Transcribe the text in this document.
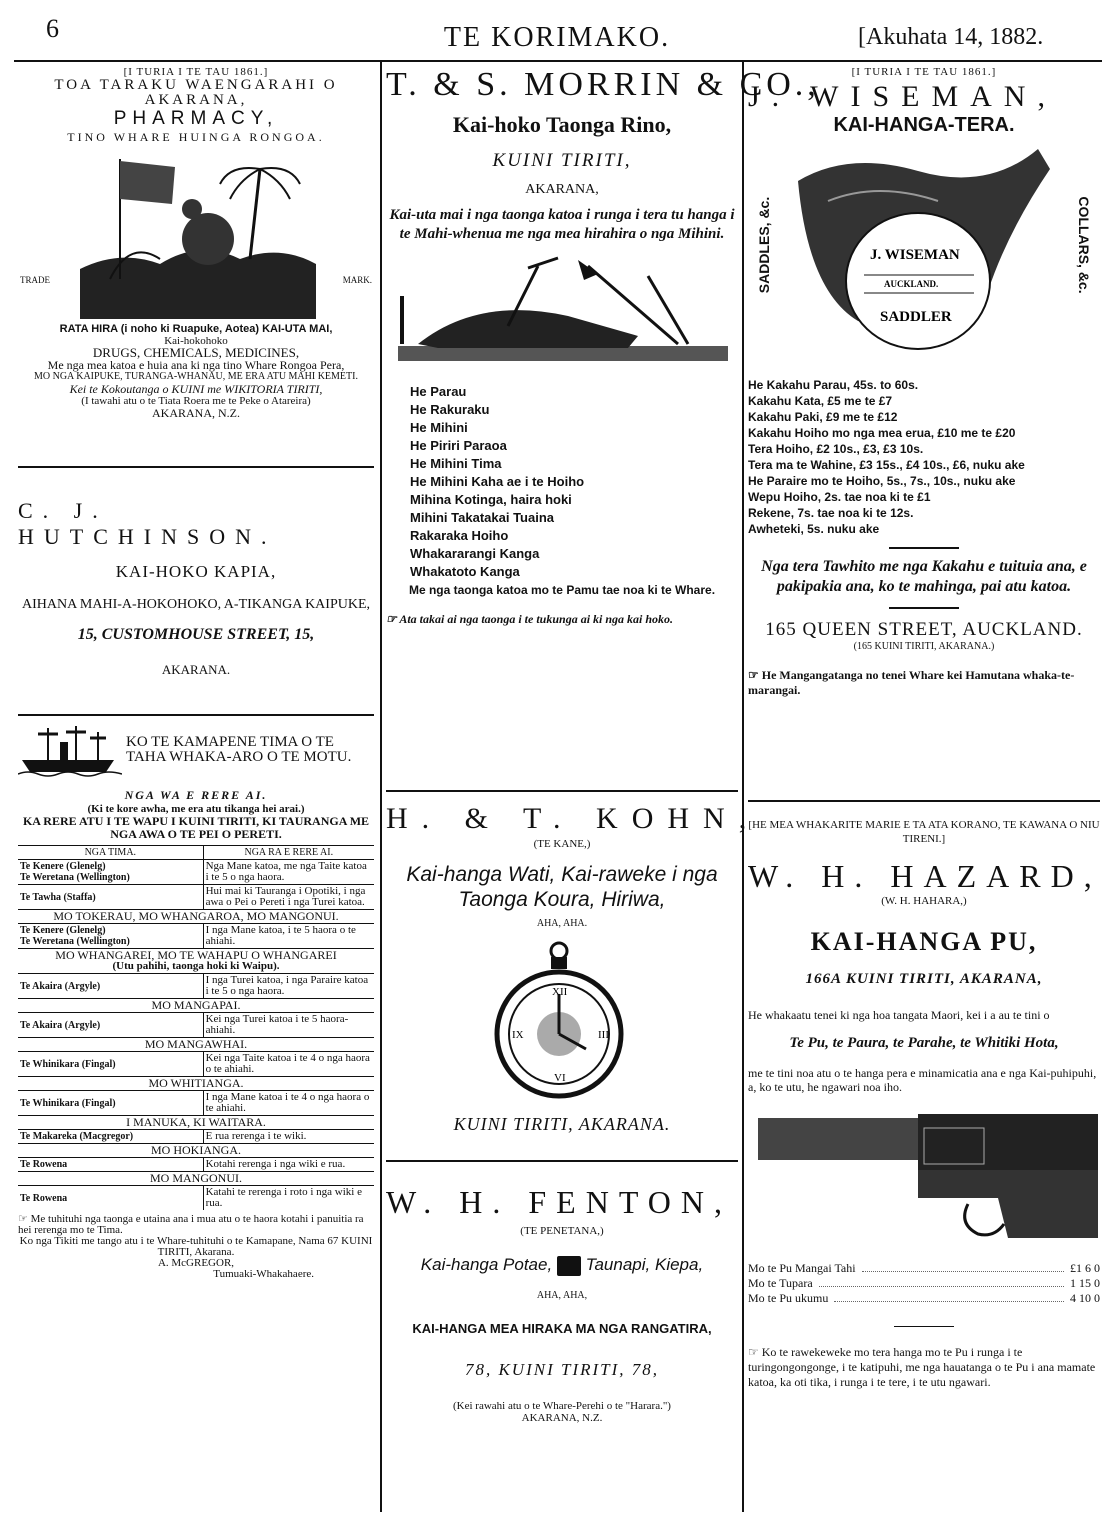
6	TE KORIMAKO.	[Akuhata 14, 1882.
[I TURIA I TE TAU 1861.]
TOA TARAKU WAENGARAHI O AKARANA,
PHARMACY,
TINO WHARE HUINGA RONGOA.
TRADE	MARK.
RATA HIRA (i noho ki Ruapuke, Aotea) KAI-UTA MAI,
Kai-hokohoko
DRUGS, CHEMICALS, MEDICINES,
Me nga mea katoa e huia ana ki nga tino Whare Rongoa Pera,
MO NGA KAIPUKE, TURANGA-WHANAU, ME ERA ATU MAHI KEMETI.
Kei te Kokoutanga o KUINI me WIKITORIA TIRITI,
(I tawahi atu o te Tiata Roera me te Peke o Atareira)
AKARANA, N.Z.
C. J. HUTCHINSON.
KAI-HOKO KAPIA,
AIHANA MAHI-A-HOKOHOKO, A-TIKANGA KAIPUKE,
15, CUSTOMHOUSE STREET, 15,
AKARANA.
KO TE KAMAPENE TIMA O TE TAHA WHAKA-ARO O TE MOTU.
NGA WA E RERE AI.
(Ki te kore awha, me era atu tikanga hei arai.)
KA RERE ATU I TE WAPU I KUINI TIRITI, KI TAURANGA ME NGA AWA O TE PEI O PERETI.
NGA TIMA.	NGA RA E RERE AI.
Te Kenere (Glenelg)
Te Weretana (Wellington)	Nga Mane katoa, me nga Taite katoa i te 5 o nga haora.
Te Tawha (Staffa)	Hui mai ki Tauranga i Opotiki, i nga awa o Pei o Pereti i nga Turei katoa.

MO TOKERAU, MO WHANGAROA, MO MANGONUI.	

Te Kenere (Glenelg)
Te Weretana (Wellington)	I nga Mane katoa, i te 5 haora o te ahiahi.

MO WHANGAREI, MO TE WAHAPU O WHANGAREI
(Utu pahihi, taonga hoki ki Waipu).	

Te Akaira (Argyle)	I nga Turei katoa, i nga Paraire katoa i te 5 o nga haora.

MO MANGAPAI.	

Te Akaira (Argyle)	Kei nga Turei katoa i te 5 haora-ahiahi.

MO MANGAWHAI.	

Te Whinikara (Fingal)	Kei nga Taite katoa i te 4 o nga haora o te ahiahi.

MO WHITIANGA.	

Te Whinikara (Fingal)	I nga Mane katoa i te 4 o nga haora o te ahiahi.

I MANUKA, KI WAITARA.	

Te Makareka (Macgregor)	E rua rerenga i te wiki.

MO HOKIANGA.	

Te Rowena	Kotahi rerenga i nga wiki e rua.

MO MANGONUI.	

Te Rowena	Katahi te rerenga i roto i nga wiki e rua.
☞ Me tuhituhi nga taonga e utaina ana i mua atu o te haora kotahi i panuitia ra hei rerenga mo te Tima.
Ko nga Tikiti me tango atu i te Whare-tuhituhi o te Kamapane, Nama 67 KUINI TIRITI, Akarana.
A. McGREGOR,
Tumuaki-Whakahaere.
T. & S. MORRIN & CO.,
Kai-hoko Taonga Rino,
KUINI TIRITI,
AKARANA,
Kai-uta mai i nga taonga katoa i runga i tera tu hanga i te Mahi-whenua me nga mea hirahira o nga Mihini.
He Parau
He Rakuraku
He Mihini
He Piriri Paraoa
He Mihini Tima
He Mihini Kaha ae i te Hoiho
Mihina Kotinga, haira hoki
Mihini Takatakai Tuaina
Rakaraka Hoiho
Whakararangi Kanga
Whakatoto Kanga
Me nga taonga katoa mo te Pamu tae noa ki te Whare.
☞ Ata takai ai nga taonga i te tukunga ai ki nga kai hoko.
H. & T. KOHN,
(TE KANE,)
Kai-hanga Wati, Kai-raweke i nga Taonga Koura, Hiriwa,
AHA, AHA.
XII
III
VI
IX
KUINI TIRITI, AKARANA.
W. H. FENTON,
(TE PENETANA,)
Kai-hanga Potae, Taunapi, Kiepa,
AHA, AHA,
KAI-HANGA MEA HIRAKA MA NGA RANGATIRA,
78, KUINI TIRITI, 78,
(Kei rawahi atu o te Whare-Perehi o te "Harara.")
AKARANA, N.Z.
[I TURIA I TE TAU 1861.]
J. WISEMAN,
KAI-HANGA-TERA.
SADDLES, &c.	COLLARS, &c.
J. WISEMAN
AUCKLAND.
SADDLER
He Kakahu Parau, 45s. to 60s.
Kakahu Kata, £5 me te £7
Kakahu Paki, £9 me te £12
Kakahu Hoiho mo nga mea erua, £10 me te £20
Tera Hoiho, £2 10s., £3, £3 10s.
Tera ma te Wahine, £3 15s., £4 10s., £6, nuku ake
He Paraire mo te Hoiho, 5s., 7s., 10s., nuku ake
Wepu Hoiho, 2s. tae noa ki te £1
Rekene, 7s. tae noa ki te 12s.
Awheteki, 5s. nuku ake
Nga tera Tawhito me nga Kakahu e tuituia ana, e pakipakia ana, ko te mahinga, pai atu katoa.
165 QUEEN STREET, AUCKLAND.
(165 KUINI TIRITI, AKARANA.)
☞ He Mangangatanga no tenei Whare kei Hamutana whaka-te-marangai.
[HE MEA WHAKARITE MARIE E TA ATA KORANO, TE KAWANA O NIU TIRENI.]
W. H. HAZARD,
(W. H. HAHARA,)
KAI-HANGA PU,
166A KUINI TIRITI, AKARANA,
He whakaatu tenei ki nga hoa tangata Maori, kei i a au te tini o
Te Pu, te Paura, te Parahe, te Whitiki Hota,
me te tini noa atu o te hanga pera e minamicatia ana e nga Kai-puhipuhi, a, ko te utu, he ngawari noa iho.
Mo te Pu Mangai Tahi	£1 6 0
Mo te Tupara	1 15 0
Mo te Pu ukumu	4 10 0
☞ Ko te rawekeweke mo tera hanga mo te Pu i runga i te turingongongonge, i te katipuhi, me nga hauatanga o te Pu i ana mamate katoa, ka oti tika, i runga i te tere, i te utu ngawari.
